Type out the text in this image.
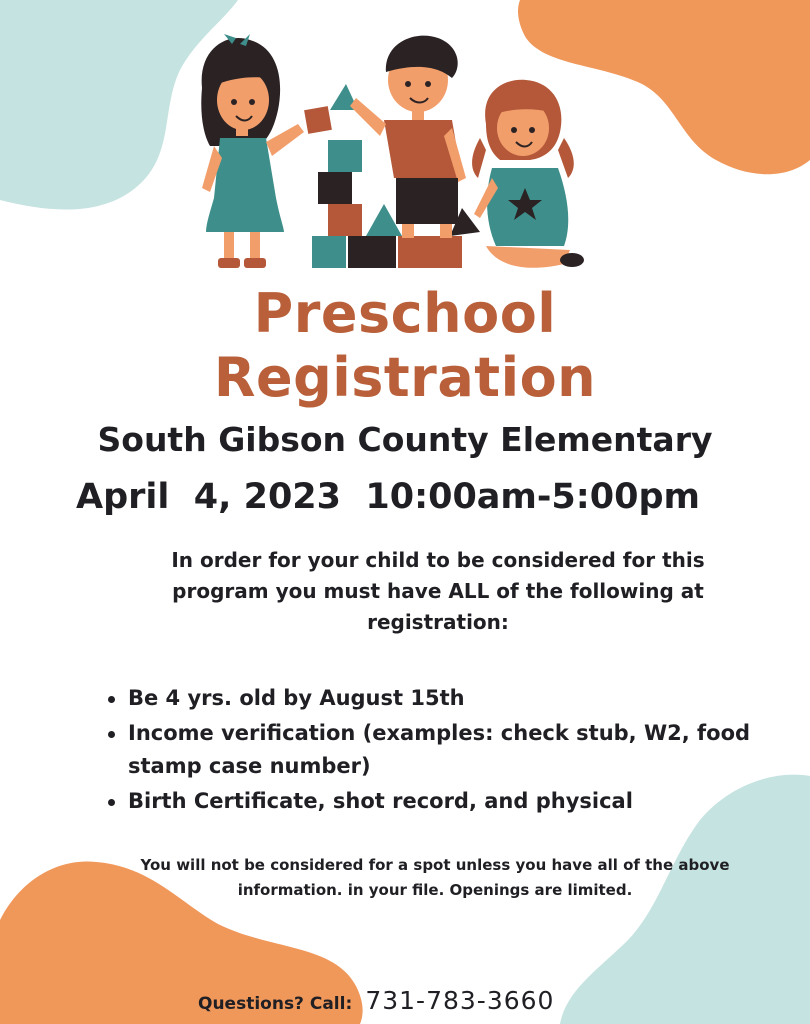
Preschool
Registration
South Gibson County Elementary
April  4, 2023 10:00am-5:00pm
In order for your child to be considered for this program you must have ALL of the following at registration:
Be 4 yrs. old by August 15th
Income verification (examples: check stub, W2, food stamp case number)
Birth Certificate, shot record, and physical
You will not be considered for a spot unless you have all of the above information. in your file. Openings are limited.
Questions? Call: 731-783-3660
